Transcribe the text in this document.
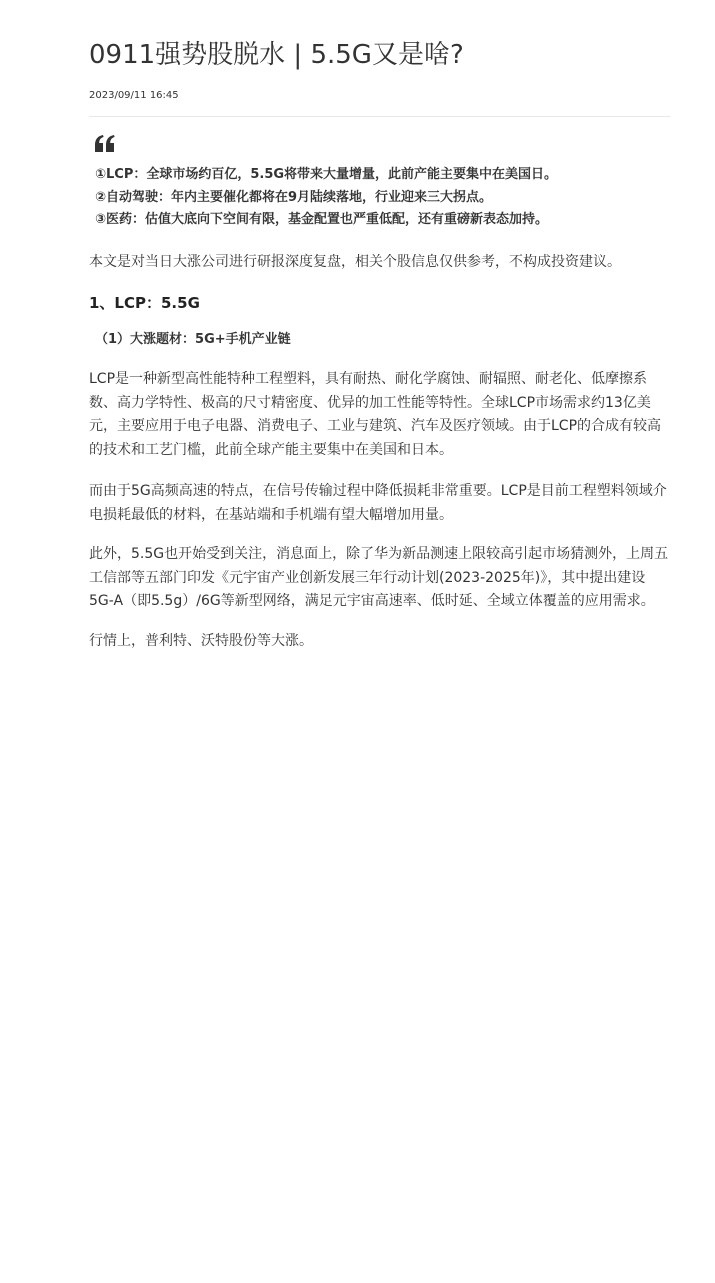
0911强势股脱水 | 5.5G又是啥?
2023/09/11 16:45
①LCP：全球市场约百亿，5.5G将带来大量增量，此前产能主要集中在美国日。
②自动驾驶：年内主要催化都将在9月陆续落地，行业迎来三大拐点。
③医药：估值大底向下空间有限，基金配置也严重低配，还有重磅新表态加持。

本文是对当日大涨公司进行研报深度复盘，相关个股信息仅供参考，不构成投资建议。

1、LCP：5.5G
（1）大涨题材：5G+手机产业链

LCP是一种新型高性能特种工程塑料，具有耐热、耐化学腐蚀、耐辐照、耐老化、低摩擦系数、高力学特性、极高的尺寸精密度、优异的加工性能等特性。全球LCP市场需求约13亿美元，主要应用于电子电器、消费电子、工业与建筑、汽车及医疗领域。由于LCP的合成有较高的技术和工艺门槛，此前全球产能主要集中在美国和日本。

而由于5G高频高速的特点，在信号传输过程中降低损耗非常重要。LCP是目前工程塑料领域介电损耗最低的材料，在基站端和手机端有望大幅增加用量。

此外，5.5G也开始受到关注，消息面上，除了华为新品测速上限较高引起市场猜测外，上周五工信部等五部门印发《元宇宙产业创新发展三年行动计划(2023-2025年)》，其中提出建设5G-A（即5.5g）/6G等新型网络，满足元宇宙高速率、低时延、全域立体覆盖的应用需求。

行情上，普利特、沃特股份等大涨。
